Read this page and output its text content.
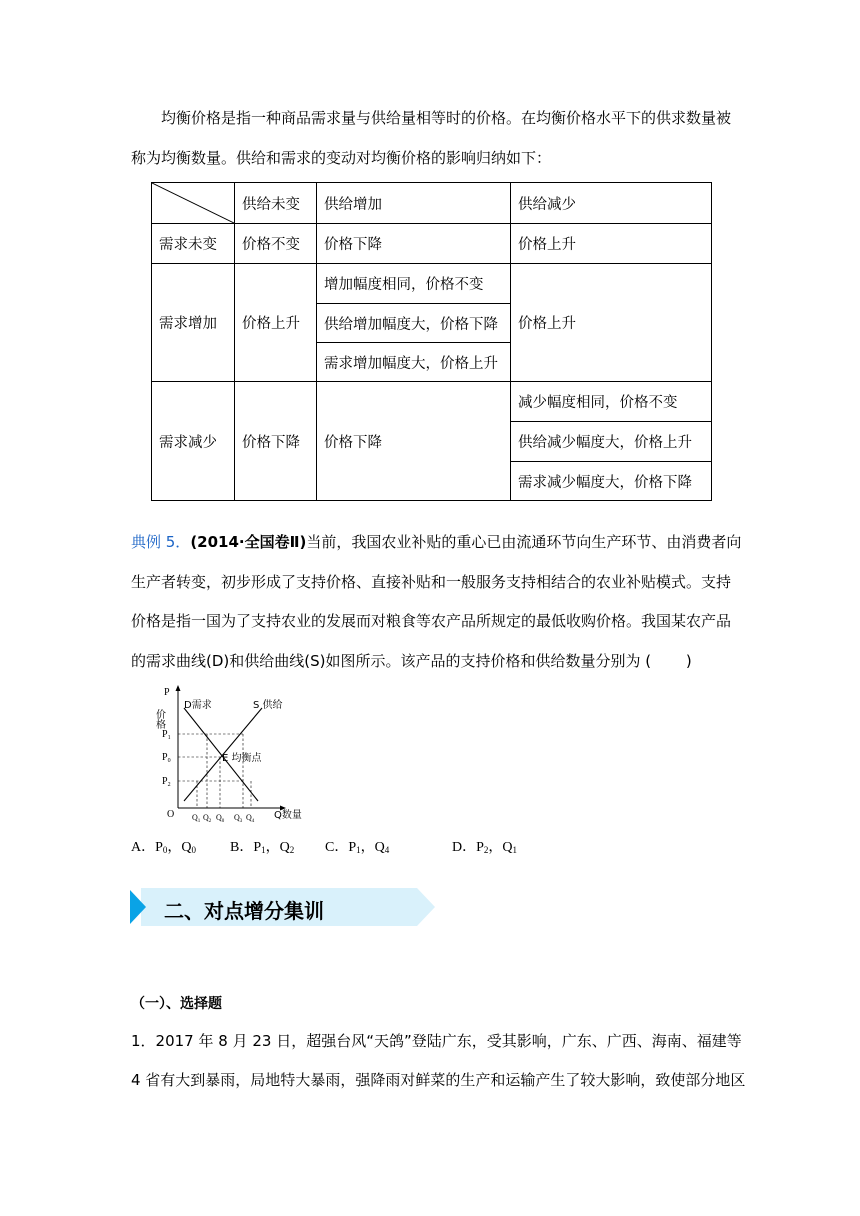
均衡价格是指一种商品需求量与供给量相等时的价格。在均衡价格水平下的供求数量被
称为均衡数量。供给和需求的变动对均衡价格的影响归纳如下：
	供给未变	供给增加	供给减少
需求未变	价格不变	价格下降	价格上升
需求增加	价格上升	增加幅度相同，价格不变	价格上升
		供给增加幅度大，价格下降	
		需求增加幅度大，价格上升	
需求减少	价格下降	价格下降	减少幅度相同，价格不变
			供给减少幅度大，价格上升
			需求减少幅度大，价格下降
典例 5．(2014·全国卷Ⅱ)当前，我国农业补贴的重心已由流通环节向生产环节、由消费者向
生产者转变，初步形成了支持价格、直接补贴和一般服务支持相结合的农业补贴模式。支持
价格是指一国为了支持农业的发展而对粮食等农产品所规定的最低收购价格。我国某农产品
的需求曲线(D)和供给曲线(S)如图所示。该产品的支持价格和供给数量分别为 (　　 )
P
价格
O
D需求	S 供给
E 均衡点
Q数量
$P_1$
$P_0$
$P_2$
$Q_1$ $Q_2$ $Q_0$ $Q_3$ $Q_4$
A．$P_0$，$Q_0$ B．$P_1$，$Q_2$ C．$P_1$，$Q_4$	D．$P_2$，$Q_1$
二、对点增分集训
（一）、选择题
1．2017 年 8 月 23 日，超强台风“天鸽”登陆广东，受其影响，广东、广西、海南、福建等
4 省有大到暴雨，局地特大暴雨，强降雨对鲜菜的生产和运输产生了较大影响，致使部分地区
